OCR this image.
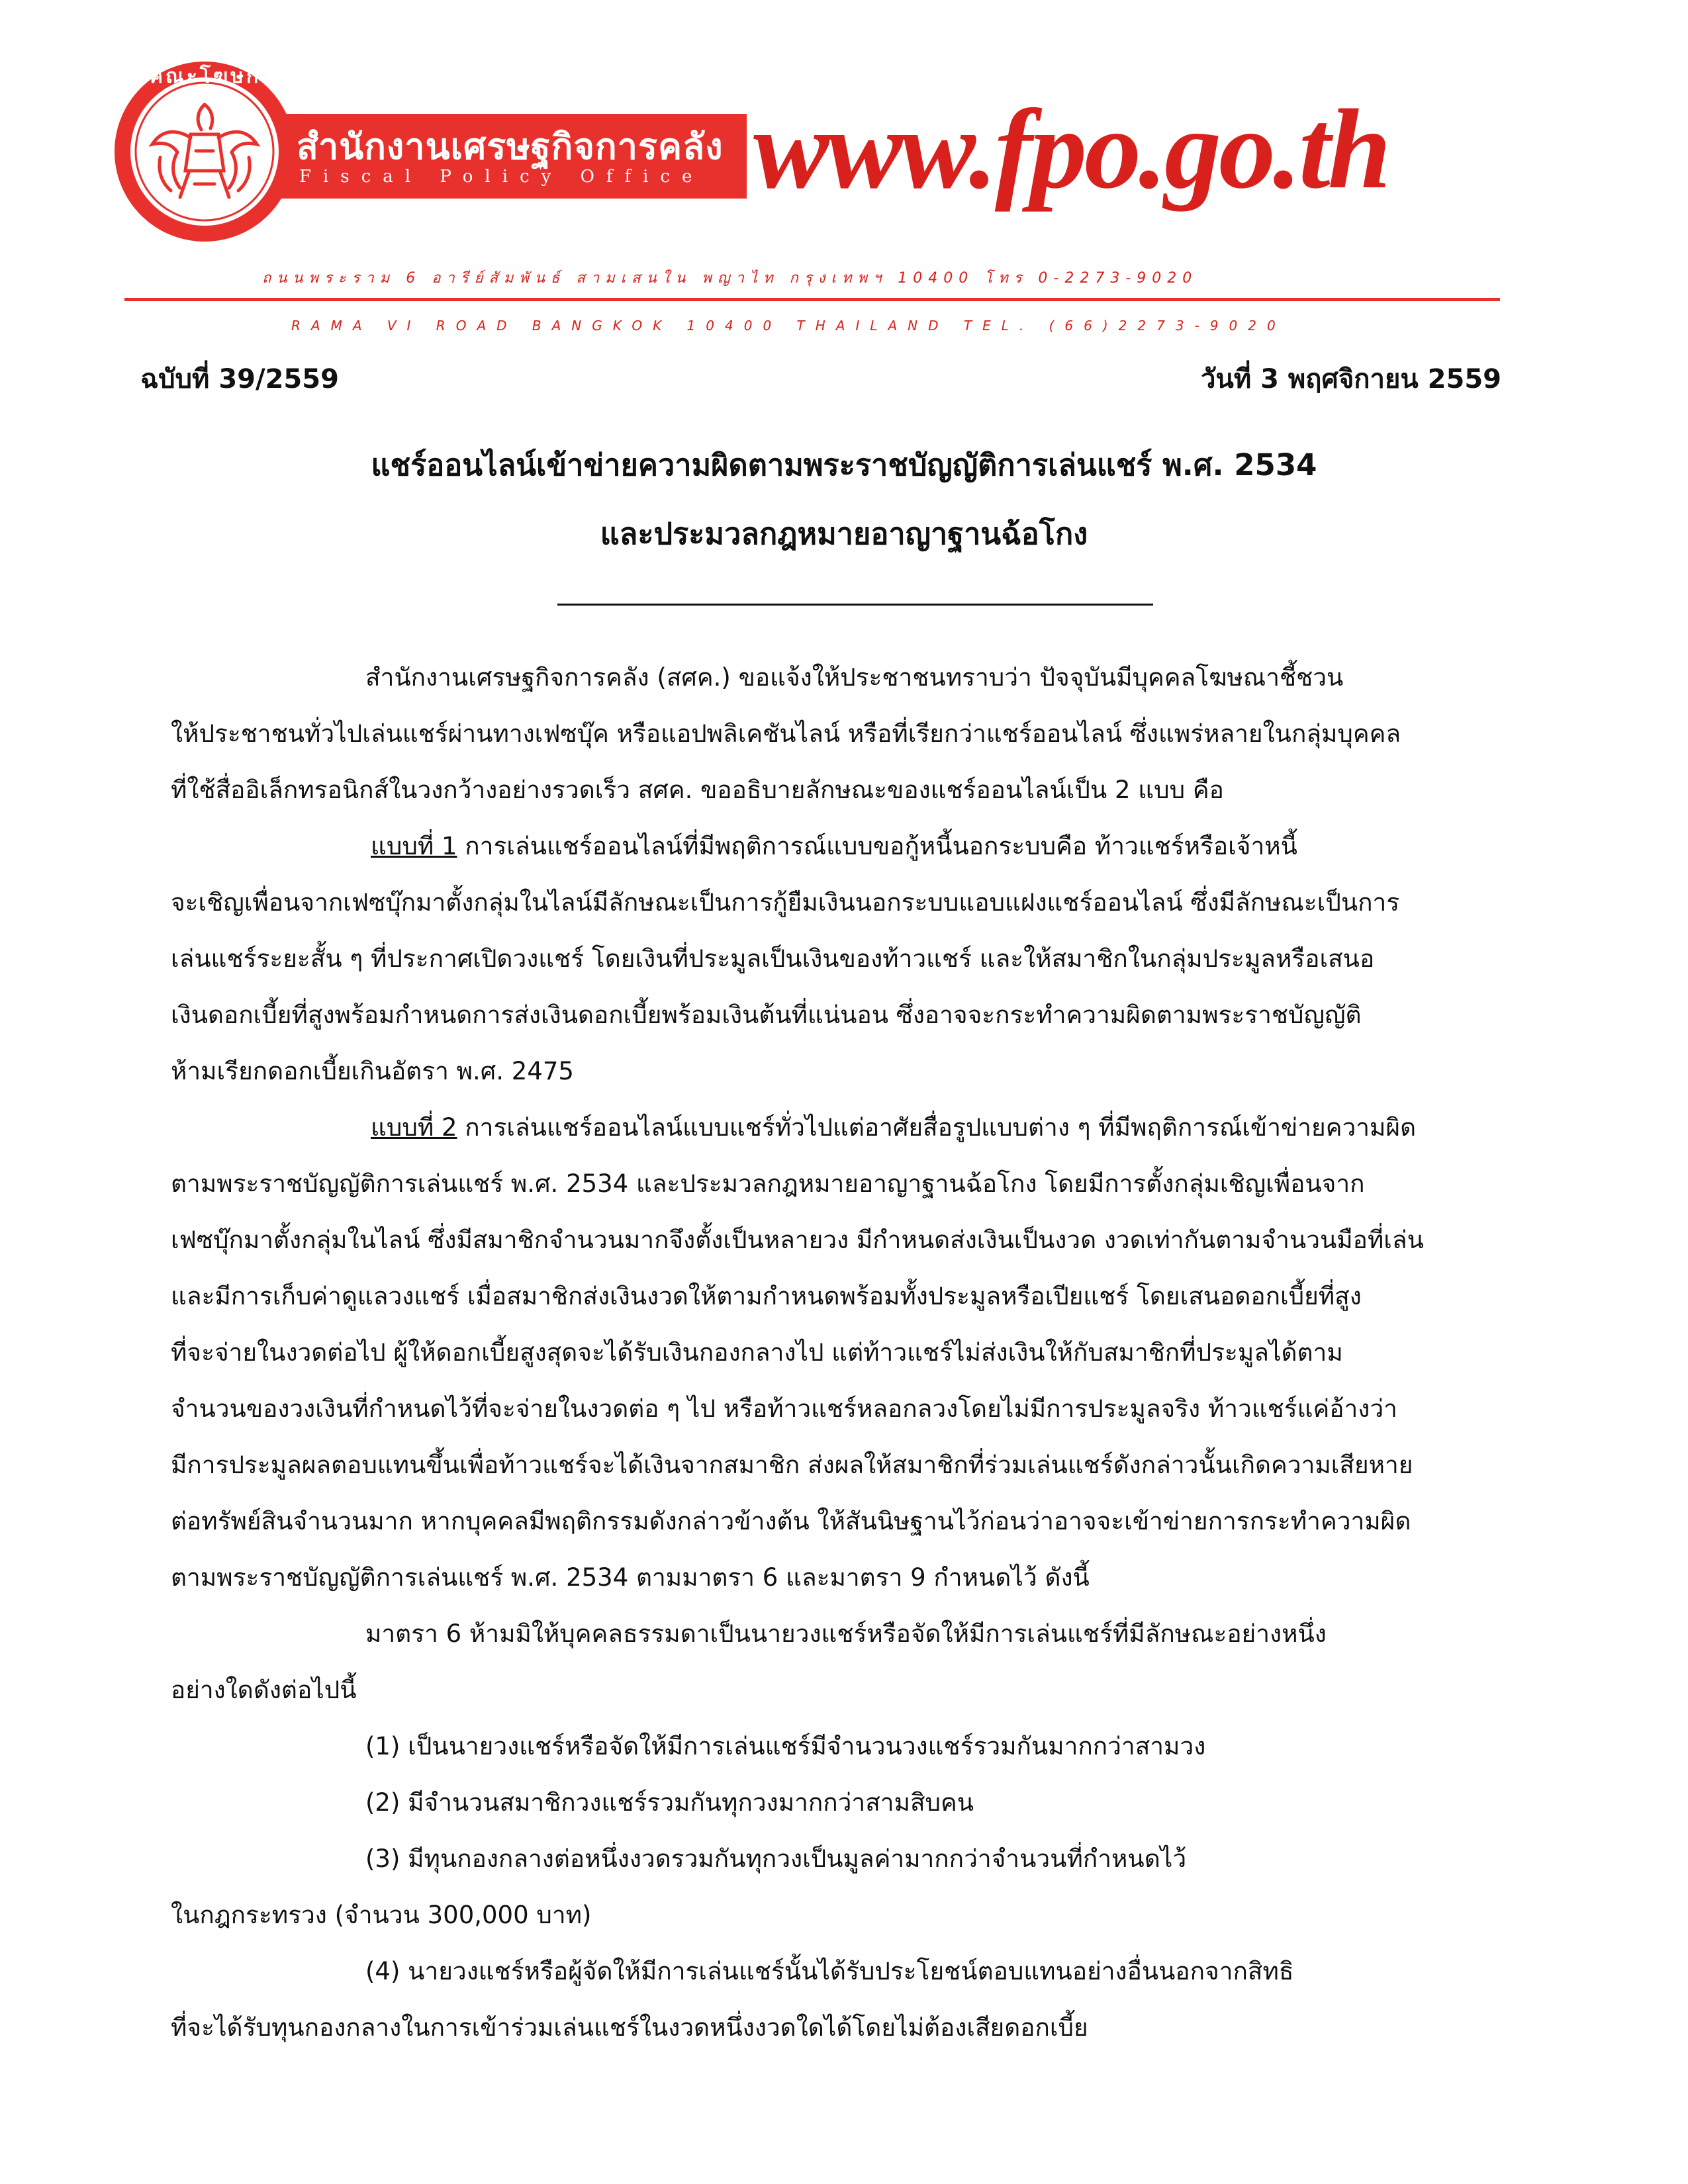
คณะโฆษก
สำนักงานเศรษฐกิจการคลัง
Fiscal Policy Office www.fpo.go.th
ถนนพระราม 6 อารีย์สัมพันธ์ สามเสนใน พญาไท กรุงเทพฯ 10400 โทร 0-2273-9020
RAMA VI ROAD BANGKOK 10400 THAILAND TEL. (66)2273-9020
ฉบับที่ 39/2559	วันที่ 3 พฤศจิกายน 2559
แชร์ออนไลน์เข้าข่ายความผิดตามพระราชบัญญัติการเล่นแชร์ พ.ศ. 2534
และประมวลกฎหมายอาญาฐานฉ้อโกง
สำนักงานเศรษฐกิจการคลัง (สศค.) ขอแจ้งให้ประชาชนทราบว่า ปัจจุบันมีบุคคลโฆษณาชี้ชวน
ให้ประชาชนทั่วไปเล่นแชร์ผ่านทางเฟซบุ๊ค หรือแอปพลิเคชันไลน์ หรือที่เรียกว่าแชร์ออนไลน์ ซึ่งแพร่หลายในกลุ่มบุคคล
ที่ใช้สื่ออิเล็กทรอนิกส์ในวงกว้างอย่างรวดเร็ว สศค. ขออธิบายลักษณะของแชร์ออนไลน์เป็น 2 แบบ คือ
แบบที่ 1 การเล่นแชร์ออนไลน์ที่มีพฤติการณ์แบบขอกู้หนี้นอกระบบคือ ท้าวแชร์หรือเจ้าหนี้
จะเชิญเพื่อนจากเฟซบุ๊กมาตั้งกลุ่มในไลน์มีลักษณะเป็นการกู้ยืมเงินนอกระบบแอบแฝงแชร์ออนไลน์ ซึ่งมีลักษณะเป็นการ
เล่นแชร์ระยะสั้น ๆ ที่ประกาศเปิดวงแชร์ โดยเงินที่ประมูลเป็นเงินของท้าวแชร์ และให้สมาชิกในกลุ่มประมูลหรือเสนอ
เงินดอกเบี้ยที่สูงพร้อมกำหนดการส่งเงินดอกเบี้ยพร้อมเงินต้นที่แน่นอน ซึ่งอาจจะกระทำความผิดตามพระราชบัญญัติ
ห้ามเรียกดอกเบี้ยเกินอัตรา พ.ศ. 2475
แบบที่ 2 การเล่นแชร์ออนไลน์แบบแชร์ทั่วไปแต่อาศัยสื่อรูปแบบต่าง ๆ ที่มีพฤติการณ์เข้าข่ายความผิด
ตามพระราชบัญญัติการเล่นแชร์ พ.ศ. 2534 และประมวลกฎหมายอาญาฐานฉ้อโกง โดยมีการตั้งกลุ่มเชิญเพื่อนจาก
เฟซบุ๊กมาตั้งกลุ่มในไลน์ ซึ่งมีสมาชิกจำนวนมากจึงตั้งเป็นหลายวง มีกำหนดส่งเงินเป็นงวด งวดเท่ากันตามจำนวนมือที่เล่น
และมีการเก็บค่าดูแลวงแชร์ เมื่อสมาชิกส่งเงินงวดให้ตามกำหนดพร้อมทั้งประมูลหรือเปียแชร์ โดยเสนอดอกเบี้ยที่สูง
ที่จะจ่ายในงวดต่อไป ผู้ให้ดอกเบี้ยสูงสุดจะได้รับเงินกองกลางไป แต่ท้าวแชร์ไม่ส่งเงินให้กับสมาชิกที่ประมูลได้ตาม
จำนวนของวงเงินที่กำหนดไว้ที่จะจ่ายในงวดต่อ ๆ ไป หรือท้าวแชร์หลอกลวงโดยไม่มีการประมูลจริง ท้าวแชร์แค่อ้างว่า
มีการประมูลผลตอบแทนขึ้นเพื่อท้าวแชร์จะได้เงินจากสมาชิก ส่งผลให้สมาชิกที่ร่วมเล่นแชร์ดังกล่าวนั้นเกิดความเสียหาย
ต่อทรัพย์สินจำนวนมาก หากบุคคลมีพฤติกรรมดังกล่าวข้างต้น ให้สันนิษฐานไว้ก่อนว่าอาจจะเข้าข่ายการกระทำความผิด
ตามพระราชบัญญัติการเล่นแชร์ พ.ศ. 2534 ตามมาตรา 6 และมาตรา 9 กำหนดไว้ ดังนี้
มาตรา 6 ห้ามมิให้บุคคลธรรมดาเป็นนายวงแชร์หรือจัดให้มีการเล่นแชร์ที่มีลักษณะอย่างหนึ่ง
อย่างใดดังต่อไปนี้
(1) เป็นนายวงแชร์หรือจัดให้มีการเล่นแชร์มีจำนวนวงแชร์รวมกันมากกว่าสามวง
(2) มีจำนวนสมาชิกวงแชร์รวมกันทุกวงมากกว่าสามสิบคน
(3) มีทุนกองกลางต่อหนึ่งงวดรวมกันทุกวงเป็นมูลค่ามากกว่าจำนวนที่กำหนดไว้
ในกฎกระทรวง (จำนวน 300,000 บาท)
(4) นายวงแชร์หรือผู้จัดให้มีการเล่นแชร์นั้นได้รับประโยชน์ตอบแทนอย่างอื่นนอกจากสิทธิ
ที่จะได้รับทุนกองกลางในการเข้าร่วมเล่นแชร์ในงวดหนึ่งงวดใดได้โดยไม่ต้องเสียดอกเบี้ย
